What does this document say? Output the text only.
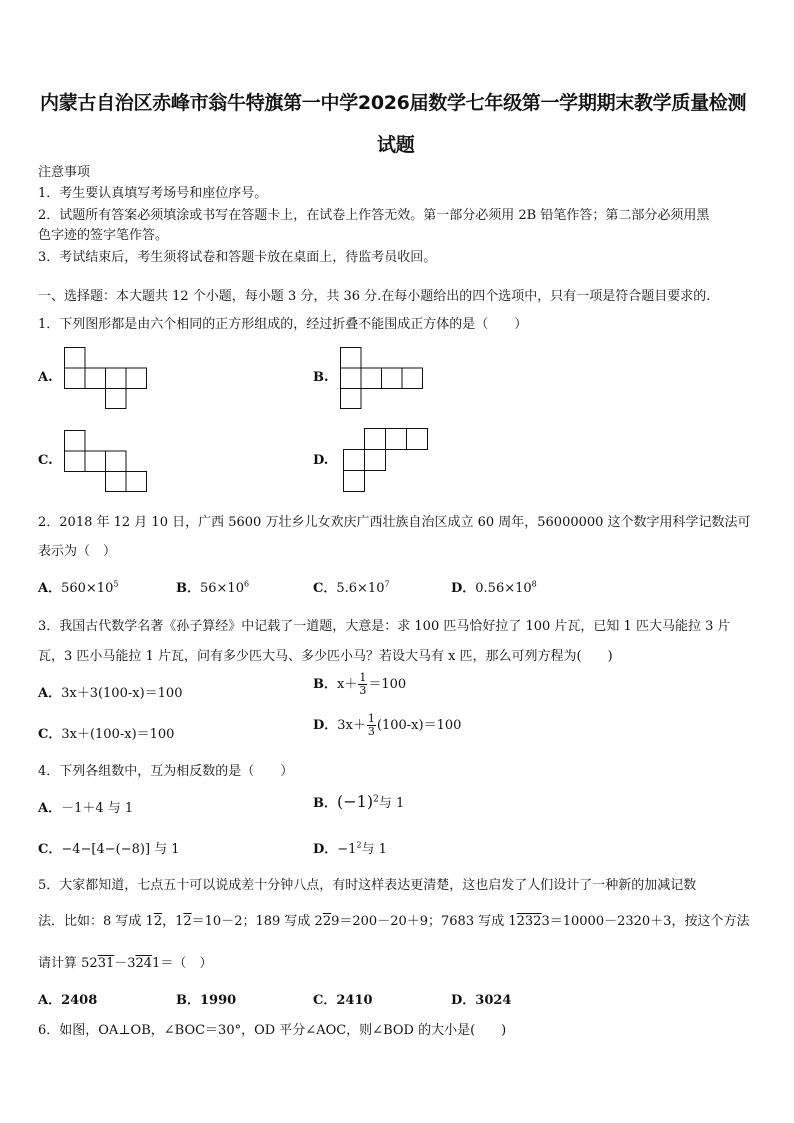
内蒙古自治区赤峰市翁牛特旗第一中学2026届数学七年级第一学期期末教学质量检测
试题
注意事项
1．考生要认真填写考场号和座位序号。
2．试题所有答案必须填涂或书写在答题卡上，在试卷上作答无效。第一部分必须用 2B 铅笔作答；第二部分必须用黑
色字迹的签字笔作答。
3．考试结束后，考生须将试卷和答题卡放在桌面上，待监考员收回。
一、选择题：本大题共 12 个小题，每小题 3 分，共 36 分.在每小题给出的四个选项中，只有一项是符合题目要求的.
1．下列图形都是由六个相同的正方形组成的，经过折叠不能围成正方体的是（　　）
A.	B.
C.	D.
2．2018 年 12 月 10 日，广西 5600 万壮乡儿女欢庆广西壮族自治区成立 60 周年，56000000 这个数字用科学记数法可
表示为（　）
A．$560\times 10^5$	B．$56\times 10^6$	C．$5.6\times 10^7$	D．$0.56\times 10^8$
3．我国古代数学名著《孙子算经》中记载了一道题，大意是：求 100 匹马恰好拉了 100 片瓦，已知 1 匹大马能拉 3 片
瓦，3 匹小马能拉 1 片瓦，问有多少匹大马、多少匹小马？若设大马有 x 匹，那么可列方程为(　　)
A．3x＋3(100-x)＝100
B．$x+ \frac{1}{3} =100$
C．3x＋(100-x)＝100
D．$3x+ \frac{1}{3} (100-x)=100$
4．下列各组数中，互为相反数的是（　　）
A．－1＋4 与 1	B．$(-1)^2$与 1
C．−4−[4−(−8)] 与 1	D．$-1^2$与 1
5．大家都知道，七点五十可以说成差十分钟八点，有时这样表达更清楚，这也启发了人们设计了一种新的加减记数
法．比如：8 写成 12，12＝10－2；189 写成 229＝200－20＋9；7683 写成 12323＝10000－2320＋3，按这个方法
请计算 5231－3241＝（　）
A．2408	B．1990	C．2410	D．3024
6．如图，OA⊥OB，∠BOC＝30°，OD 平分∠AOC，则∠BOD 的大小是(　　)
